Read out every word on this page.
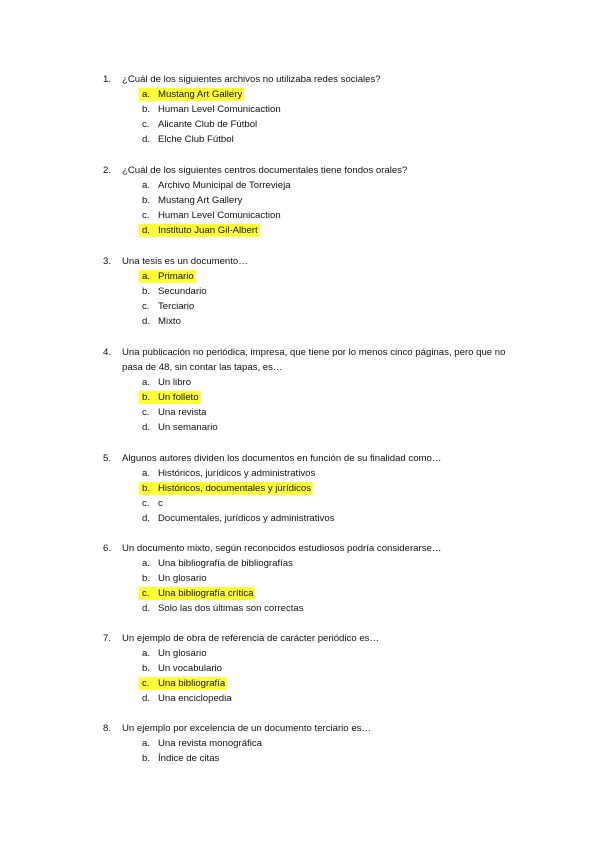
1.	¿Cuál de los siguientes archivos no utilizaba redes sociales?
a. Mustang Art Gallery
b. Human Level Comunicaction
c. Alicante Club de Fútbol
d. Elche Club Fútbol
2.	¿Cuál de los siguientes centros documentales tiene fondos orales?
a. Archivo Municipal de Torrevieja
b. Mustang Art Gallery
c. Human Level Comunicaction
d. Instituto Juan Gil-Albert
3.	Una tesis es un documento…
a. Primario
b. Secundario
c. Terciario
d. Mixto
4.	Una publicación no periódica, impresa, que tiene por lo menos cinco páginas, pero que no pasa de 48, sin contar las tapas, es…
a. Un libro
b. Un folleto
c. Una revista
d. Un semanario
5.	Algunos autores dividen los documentos en función de su finalidad como…
a. Históricos, jurídicos y administrativos
b. Históricos, documentales y jurídicos
c. c
d. Documentales, jurídicos y administrativos
6.	Un documento mixto, según reconocidos estudiosos podría considerarse…
a. Una bibliografía de bibliografías
b. Un glosario
c. Una bibliografía crítica
d. Solo las dos últimas son correctas
7.	Un ejemplo de obra de referencia de carácter periódico es…
a. Un glosario
b. Un vocabulario
c. Una bibliografía
d. Una enciclopedia
8.	Un ejemplo por excelencia de un documento terciario es…
a. Una revista monográfica
b. Índice de citas
